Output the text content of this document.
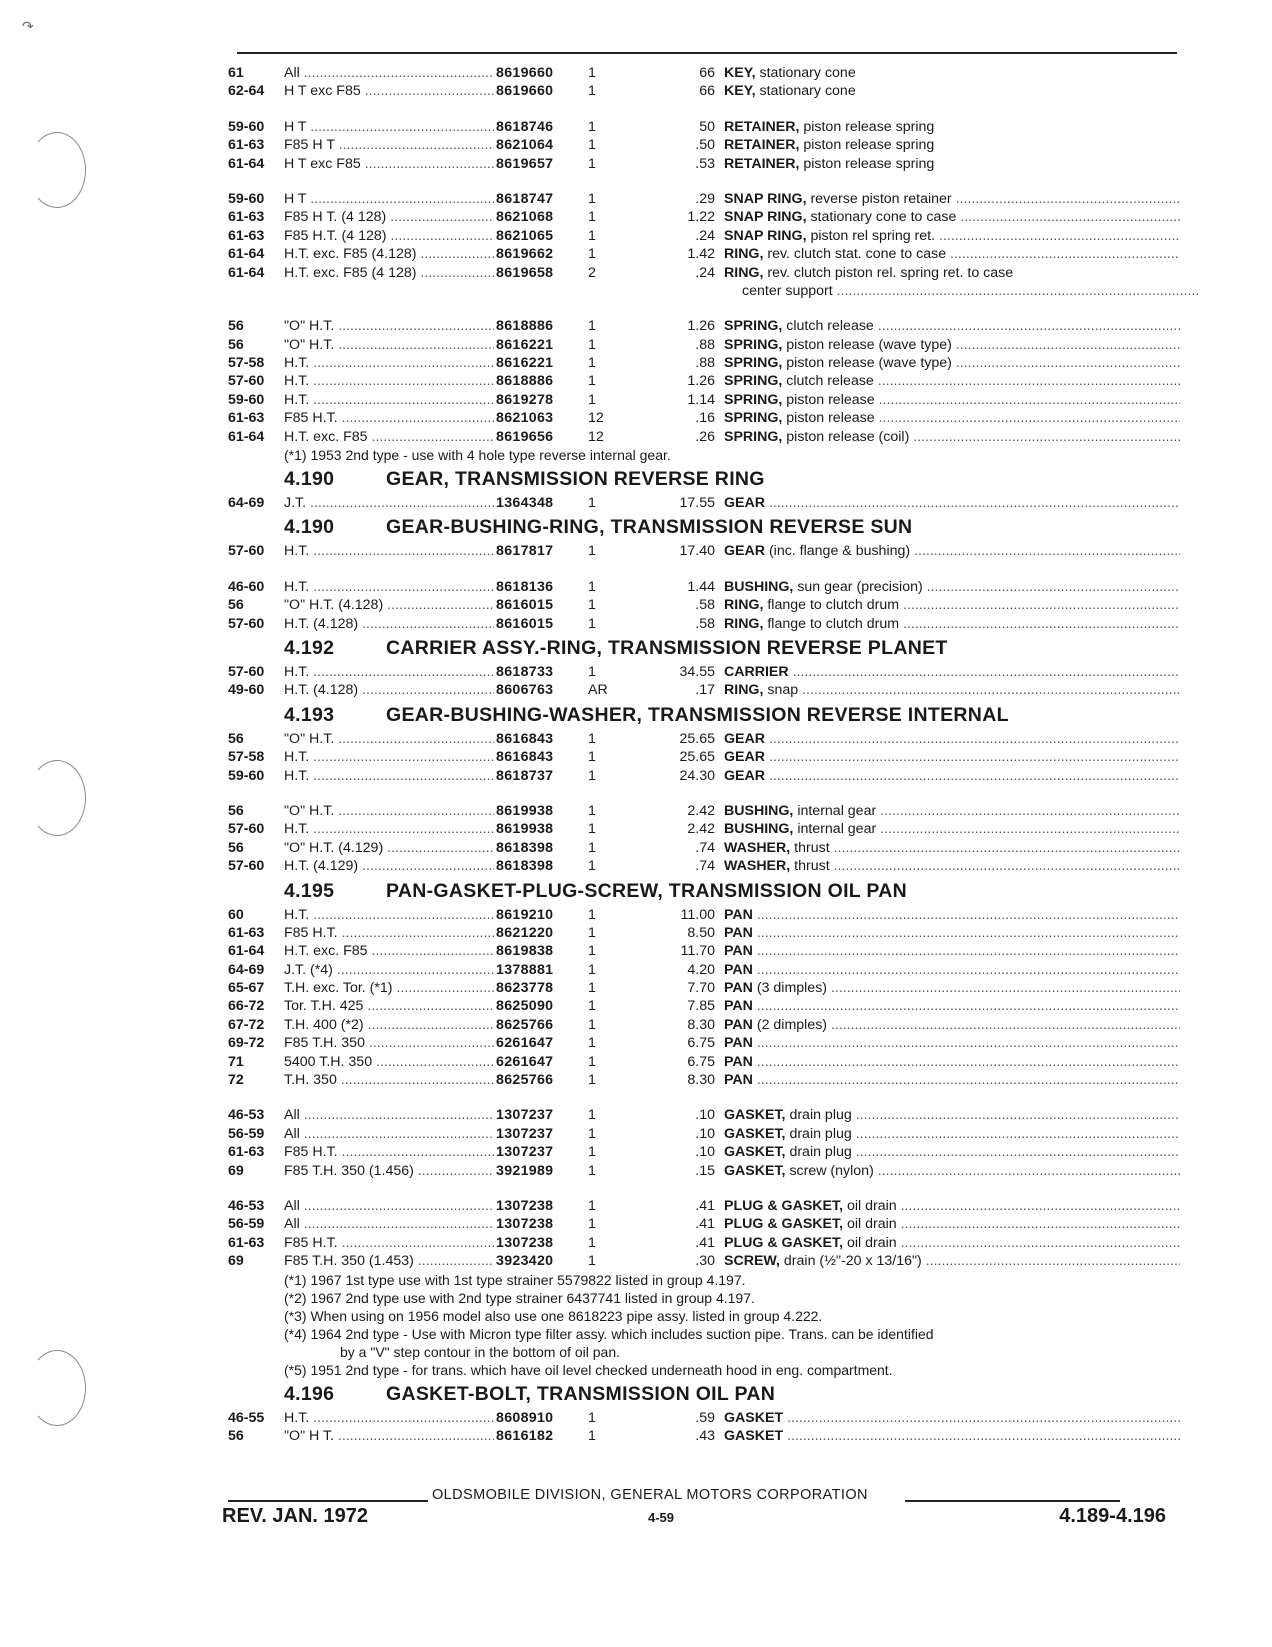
↷
61	All .....	8619660 1	66 KEY, stationary cone
62-64 H T exc F85 .....	8619660 1	66 KEY, stationary cone
59-60 H T .....	8618746 1	50 RETAINER, piston release spring
61-63 F85 H T .....	8621064 1	.50 RETAINER, piston release spring
61-64 H T exc F85 .....	8619657 1	.53 RETAINER, piston release spring
59-60 H T .....	8618747 1	.29 SNAP RING, reverse piston retainer .....
61-63 F85 H T. (4 128) .....	8621068 1	1.22 SNAP RING, stationary cone to case .....
61-63 F85 H.T. (4 128) .....	8621065 1	.24 SNAP RING, piston rel spring ret. .....
61-64 H.T. exc. F85 (4.128) .....	8619662 1	1.42 RING, rev. clutch stat. cone to case .....
61-64 H.T. exc. F85 (4 128) .....	8619658 2	.24 RING, rev. clutch piston rel. spring ret. to case
center support .....
56	"O" H.T. .....	8618886 1	1.26 SPRING, clutch release .....
56	"O" H.T. .....	8616221 1	.88 SPRING, piston release (wave type) .....
57-58 H.T. .....	8616221 1	.88 SPRING, piston release (wave type) .....
57-60 H.T. .....	8618886 1	1.26 SPRING, clutch release .....
59-60 H.T. .....	8619278 1	1.14 SPRING, piston release .....
61-63 F85 H.T. .....	8621063 12	.16 SPRING, piston release .....
61-64 H.T. exc. F85 .....	8619656 12	.26 SPRING, piston release (coil) .....
(*1) 1953 2nd type - use with 4 hole type reverse internal gear.
4.190	GEAR, TRANSMISSION REVERSE RING
64-69 J.T. .....	1364348 1	17.55 GEAR .....
4.190	GEAR-BUSHING-RING, TRANSMISSION REVERSE SUN
57-60 H.T. .....	8617817 1	17.40 GEAR (inc. flange & bushing) .....
46-60 H.T. .....	8618136 1	1.44 BUSHING, sun gear (precision) .....
56	"O" H.T. (4.128) .....	8616015 1	.58 RING, flange to clutch drum .....
57-60 H.T. (4.128) .....	8616015 1	.58 RING, flange to clutch drum .....
4.192	CARRIER ASSY.-RING, TRANSMISSION REVERSE PLANET
57-60 H.T. .....	8618733 1	34.55 CARRIER .....
49-60 H.T. (4.128) .....	8606763 AR	.17 RING, snap .....
4.193	GEAR-BUSHING-WASHER, TRANSMISSION REVERSE INTERNAL
56	"O" H.T. .....	8616843 1	25.65 GEAR .....
57-58 H.T. .....	8616843 1	25.65 GEAR .....
59-60 H.T. .....	8618737 1	24.30 GEAR .....
56	"O" H.T. .....	8619938 1	2.42 BUSHING, internal gear .....
57-60 H.T. .....	8619938 1	2.42 BUSHING, internal gear .....
56	"O" H.T. (4.129) .....	8618398 1	.74 WASHER, thrust .....
57-60 H.T. (4.129) .....	8618398 1	.74 WASHER, thrust .....
4.195	PAN-GASKET-PLUG-SCREW, TRANSMISSION OIL PAN
60	H.T. .....	8619210 1	11.00 PAN .....
61-63 F85 H.T. .....	8621220 1	8.50 PAN .....
61-64 H.T. exc. F85 .....	8619838 1	11.70 PAN .....
64-69 J.T. (*4) .....	1378881 1	4.20 PAN .....
65-67 T.H. exc. Tor. (*1) .....	8623778 1	7.70 PAN (3 dimples) .....
66-72 Tor. T.H. 425 .....	8625090 1	7.85 PAN .....
67-72 T.H. 400 (*2) .....	8625766 1	8.30 PAN (2 dimples) .....
69-72 F85 T.H. 350 .....	6261647 1	6.75 PAN .....
71	5400 T.H. 350 .....	6261647 1	6.75 PAN .....
72	T.H. 350 .....	8625766 1	8.30 PAN .....
46-53 All .....	1307237 1	.10 GASKET, drain plug .....
56-59 All .....	1307237 1	.10 GASKET, drain plug .....
61-63 F85 H.T. .....	1307237 1	.10 GASKET, drain plug .....
69	F85 T.H. 350 (1.456) .....	3921989 1	.15 GASKET, screw (nylon) .....
46-53 All .....	1307238 1	.41 PLUG & GASKET, oil drain .....
56-59 All .....	1307238 1	.41 PLUG & GASKET, oil drain .....
61-63 F85 H.T. .....	1307238 1	.41 PLUG & GASKET, oil drain .....
69	F85 T.H. 350 (1.453) .....	3923420 1	.30 SCREW, drain (½"-20 x 13/16") .....
(*1) 1967 1st type use with 1st type strainer 5579822 listed in group 4.197.
(*2) 1967 2nd type use with 2nd type strainer 6437741 listed in group 4.197.
(*3) When using on 1956 model also use one 8618223 pipe assy. listed in group 4.222.
(*4) 1964 2nd type - Use with Micron type filter assy. which includes suction pipe. Trans. can be identified
by a "V" step contour in the bottom of oil pan.
(*5) 1951 2nd type - for trans. which have oil level checked underneath hood in eng. compartment.
4.196	GASKET-BOLT, TRANSMISSION OIL PAN
46-55 H.T. .....	8608910 1	.59 GASKET .....
56	"O" H T. .....	8616182 1	.43 GASKET .....
OLDSMOBILE DIVISION, GENERAL MOTORS CORPORATION
REV. JAN. 1972	4-59	4.189-4.196
